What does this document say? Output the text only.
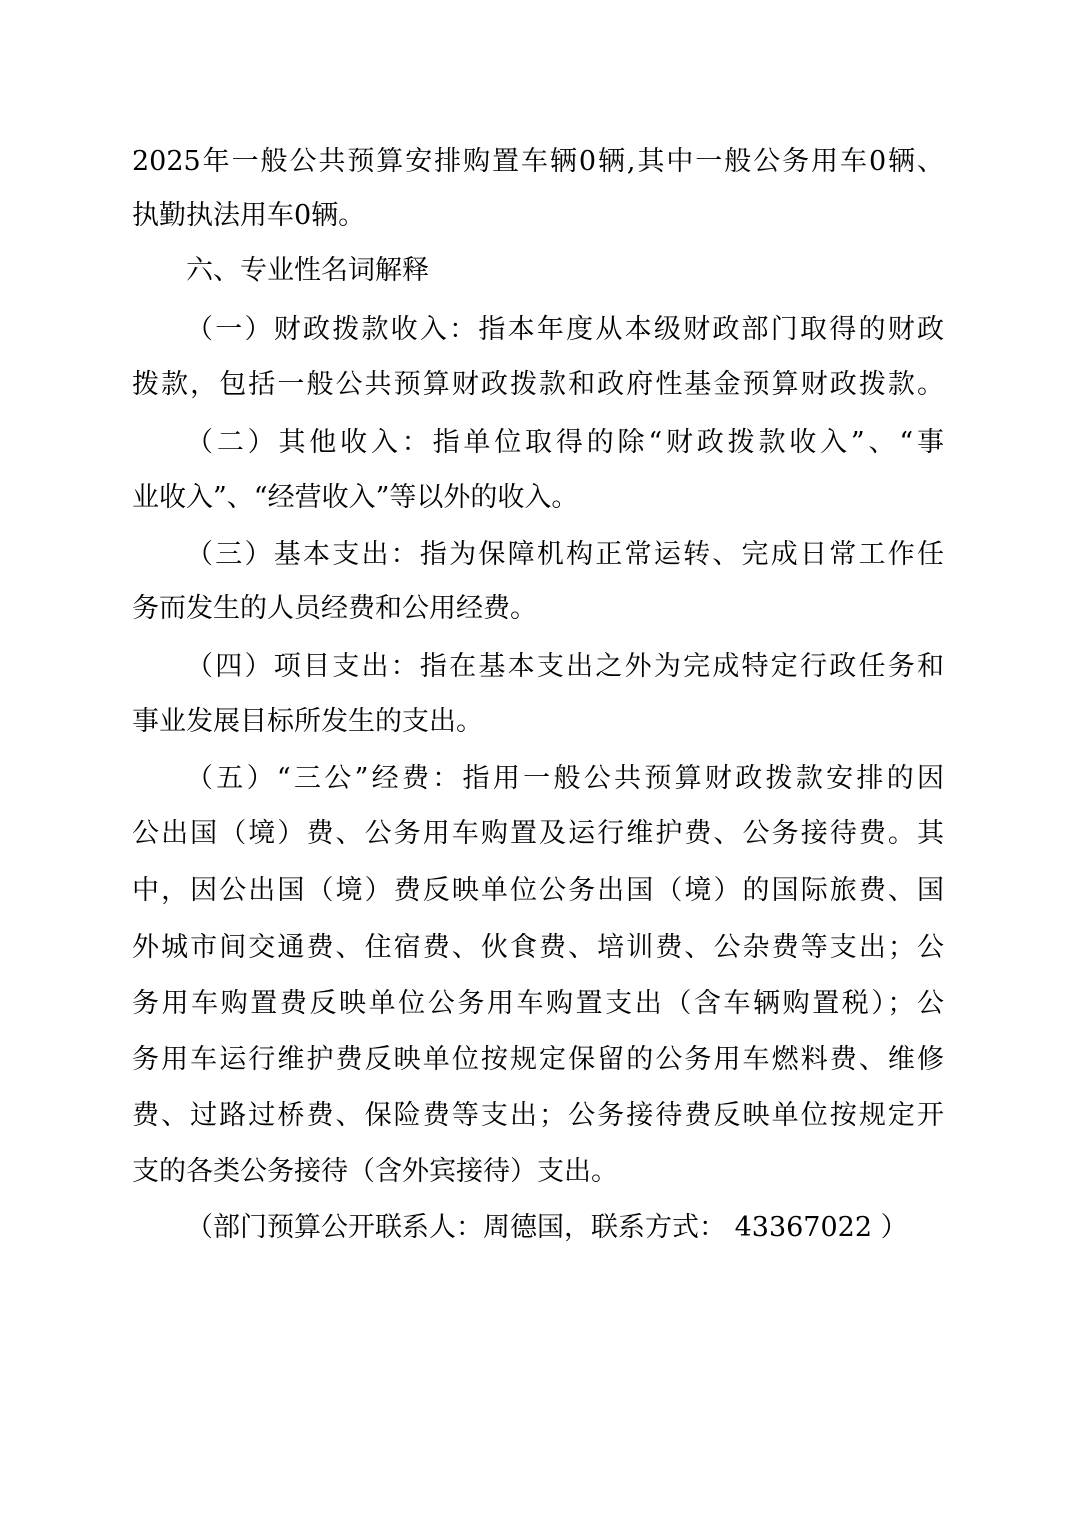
2025年一般公共预算安排购置车辆0辆,其中一般公务用车0辆、
执勤执法用车0辆。
六、专业性名词解释
（一）财政拨款收入：指本年度从本级财政部门取得的财政
拨款，包括一般公共预算财政拨款和政府性基金预算财政拨款。
（二）其他收入：指单位取得的除“财政拨款收入”、“事
业收入”、“经营收入”等以外的收入。
（三）基本支出：指为保障机构正常运转、完成日常工作任
务而发生的人员经费和公用经费。
（四）项目支出：指在基本支出之外为完成特定行政任务和
事业发展目标所发生的支出。
（五）“三公”经费：指用一般公共预算财政拨款安排的因
公出国（境）费、公务用车购置及运行维护费、公务接待费。其
中，因公出国（境）费反映单位公务出国（境）的国际旅费、国
外城市间交通费、住宿费、伙食费、培训费、公杂费等支出；公
务用车购置费反映单位公务用车购置支出（含车辆购置税）；公
务用车运行维护费反映单位按规定保留的公务用车燃料费、维修
费、过路过桥费、保险费等支出；公务接待费反映单位按规定开
支的各类公务接待（含外宾接待）支出。
（部门预算公开联系人：周德国，联系方式： 43367022 ）
